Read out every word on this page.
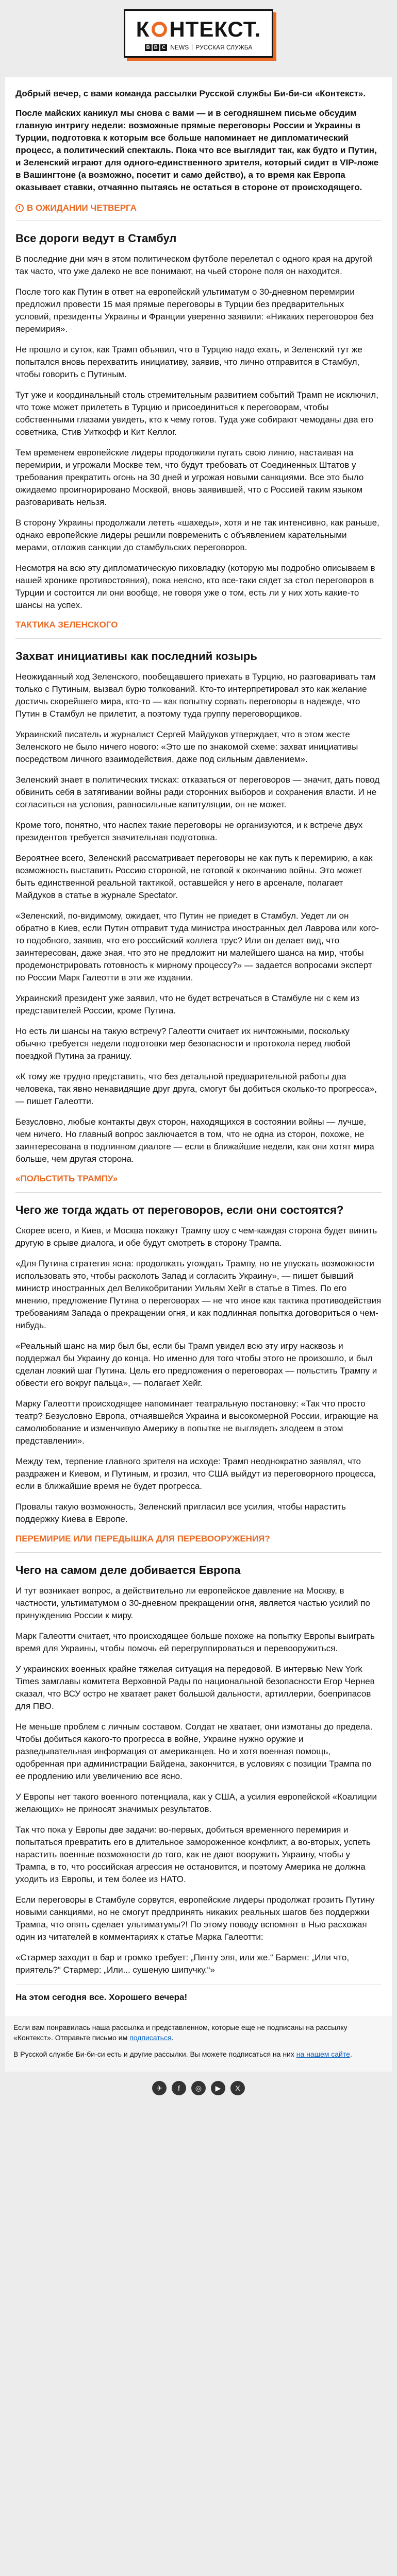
К НТЕКСТ.
B B C NEWS РУССКАЯ СЛУЖБА

Добрый вечер, с вами команда рассылки Русской службы Би-би-си «Контекст».

После майских каникул мы снова с вами — и в сегодняшнем письме обсудим главную интригу недели: возможные прямые переговоры России и Украины в Турции, подготовка к которым все больше напоминает не дипломатический процесс, а политический спектакль. Пока что все выглядит так, как будто и Путин, и Зеленский играют для одного-единственного зрителя, который сидит в VIP-ложе в Вашингтоне (а возможно, посетит и само действо), а то время как Европа оказывает ставки, отчаянно пытаясь не остаться в стороне от происходящего.

В ОЖИДАНИИ ЧЕТВЕРГА
Все дороги ведут в Стамбул

В последние дни мяч в этом политическом футболе перелетал с одного края на другой так часто, что уже далеко не все понимают, на чьей стороне поля он находится.

После того как Путин в ответ на европейский ультиматум о 30-дневном перемирии предложил провести 15 мая прямые переговоры в Турции без предварительных условий, президенты Украины и Франции уверенно заявили: «Никаких переговоров без перемирия».

Не прошло и суток, как Трамп объявил, что в Турцию надо ехать, и Зеленский тут же попытался вновь перехватить инициативу, заявив, что лично отправится в Стамбул, чтобы говорить с Путиным.

Тут уже и координальный столь стремительным развитием событий Трамп не исключил, что тоже может прилететь в Турцию и присоединиться к переговорам, чтобы собственными глазами увидеть, кто к чему готов. Туда уже собирают чемоданы два его советника, Стив Уиткофф и Кит Келлог.

Тем временем европейские лидеры продолжили пугать свою линию, настаивая на перемирии, и угрожали Москве тем, что будут требовать от Соединенных Штатов у требования прекратить огонь на 30 дней и угрожая новыми санкциями. Все это было ожидаемо проигнорировано Москвой, вновь заявившей, что с Россией таким языком разговаривать нельзя.

В сторону Украины продолжали лететь «шахеды», хотя и не так интенсивно, как раньше, однако европейские лидеры решили повременить с объявлением карательными мерами, отложив санкции до стамбульских переговоров.

Несмотря на всю эту дипломатическую пиховладку (которую мы подробно описываем в нашей хронике противостояния), пока неясно, кто все-таки сядет за стол переговоров в Турции и состоится ли они вообще, не говоря уже о том, есть ли у них хоть какие-то шансы на успех.

ТАКТИКА ЗЕЛЕНСКОГО
Захват инициативы как последний козырь

Неожиданный ход Зеленского, пообещавшего приехать в Турцию, но разговаривать там только с Путиным, вызвал бурю толкований. Кто-то интерпретировал это как желание достичь скорейшего мира, кто-то — как попытку сорвать переговоры в надежде, что Путин в Стамбул не прилетит, а поэтому туда группу переговорщиков.

Украинский писатель и журналист Сергей Майдуков утверждает, что в этом жесте Зеленского не было ничего нового: «Это ше по знакомой схеме: захват инициативы посредством личного взаимодействия, даже под сильным давлением».

Зеленский знает в политических тисках: отказаться от переговоров — значит, дать повод обвинить себя в затягивании войны ради сторонних выборов и сохранения власти. И не согласиться на условия, равносильные капитуляции, он не может.

Кроме того, понятно, что наспех такие переговоры не организуются, и к встрече двух президентов требуется значительная подготовка.

Вероятнее всего, Зеленский рассматривает переговоры не как путь к перемирию, а как возможность выставить Россию стороной, не готовой к окончанию войны. Это может быть единственной реальной тактикой, оставшейся у него в арсенале, полагает Майдуков в статье в журнале Spectator.

«Зеленский, по-видимому, ожидает, что Путин не приедет в Стамбул. Уедет ли он обратно в Киев, если Путин отправит туда министра иностранных дел Лаврова или кого-то подобного, заявив, что его российский коллега трус? Или он делает вид, что заинтересован, даже зная, что это не предложит ни малейшего шанса на мир, чтобы продемонстрировать готовность к мирному процессу?» — задается вопросами эксперт по России Марк Галеотти в эти же издании.

Украинский президент уже заявил, что не будет встречаться в Стамбуле ни с кем из представителей России, кроме Путина.

Но есть ли шансы на такую встречу? Галеотти считает их ничтожными, поскольку обычно требуется недели подготовки мер безопасности и протокола перед любой поездкой Путина за границу.

«К тому же трудно представить, что без детальной предварительной работы два человека, так явно ненавидящие друг друга, смогут бы добиться сколько-то прогресса», — пишет Галеотти.

Безусловно, любые контакты двух сторон, находящихся в состоянии войны — лучше, чем ничего. Но главный вопрос заключается в том, что не одна из сторон, похоже, не заинтересована в подлинном диалоге — если в ближайшие недели, как они хотят мира больше, чем другая сторона.

«ПОЛЬСТИТЬ ТРАМПУ»
Чего же тогда ждать от переговоров, если они состоятся?

Скорее всего, и Киев, и Москва покажут Трампу шоу с чем-каждая сторона будет винить другую в срыве диалога, и обе будут смотреть в сторону Трампа.

«Для Путина стратегия ясна: продолжать угождать Трампу, но не упускать возможности использовать это, чтобы расколоть Запад и согласить Украину», — пишет бывший министр иностранных дел Великобритании Уильям Хейг в статье в Times. По его мнению, предложение Путина о переговорах — не что иное как тактика противодействия требованиям Запада о прекращении огня, и как подлинная попытка договориться о чем-нибудь.

«Реальный шанс на мир был бы, если бы Трамп увидел всю эту игру насквозь и поддержал бы Украину до конца. Но именно для того чтобы этого не произошло, и был сделан ловкий шаг Путина. Цель его предложения о переговорах — польстить Трампу и обвести его вокруг пальца», — полагает Хейг.

Марку Галеотти происходящее напоминает театральную постановку: «Так что просто театр? Безусловно Европа, отчаявшейся Украина и высокомерной России, играющие на самолюбование и изменчивую Америку в попытке не выглядеть злодеем в этом представлении».

Между тем, терпение главного зрителя на исходе: Трамп неоднократно заявлял, что раздражен и Киевом, и Путиным, и грозил, что США выйдут из переговорного процесса, если в ближайшие время не будет прогресса.

Провалы такую возможность, Зеленский пригласил все усилия, чтобы нарастить поддержку Киева в Европе.

ПЕРЕМИРИЕ ИЛИ ПЕРЕДЫШКА ДЛЯ ПЕРЕВООРУЖЕНИЯ?
Чего на самом деле добивается Европа

И тут возникает вопрос, а действительно ли европейское давление на Москву, в частности, ультиматумом о 30-дневном прекращении огня, является частью усилий по принуждению России к миру.

Марк Галеотти считает, что происходящее больше похоже на попытку Европы выиграть время для Украины, чтобы помочь ей перегруппироваться и перевооружиться.

У украинских военных крайне тяжелая ситуация на передовой. В интервью New York Times замглавы комитета Верховной Рады по национальной безопасности Егор Чернев сказал, что ВСУ остро не хватает ракет большой дальности, артиллерии, боеприпасов для ПВО.

Не меньше проблем с личным составом. Солдат не хватает, они измотаны до предела. Чтобы добиться какого-то прогресса в войне, Украине нужно оружие и разведывательная информация от американцев. Но и хотя военная помощь, одобренная при администрации Байдена, закончится, в условиях с позиции Трампа по ее продлению или увеличению все ясно.

У Европы нет такого военного потенциала, как у США, а усилия европейской «Коалиции желающих» не приносят значимых результатов.

Так что пока у Европы две задачи: во-первых, добиться временного перемирия и попытаться превратить его в длительное замороженное конфликт, а во-вторых, успеть нарастить военные возможности до того, как не дают вооружить Украину, чтобы у Трампа, в то, что российская агрессия не остановится, и поэтому Америка не должна уходить из Европы, и тем более из НАТО.

Если переговоры в Стамбуле сорвутся, европейские лидеры продолжат грозить Путину новыми санкциями, но не смогут предпринять никаких реальных шагов без поддержки Трампа, что опять сделает ультиматумы?! По этому поводу вспомнят в Нью расхожая один из читателей в комментариях к статье Марка Галеотти:

«Стармер заходит в бар и громко требует: „Пинту эля, или же.“ Бармен: „Или что, приятель?“ Стармер: „Или... сушеную шипучку.“»

На этом сегодня все. Хорошего вечера!

Если вам понравилась наша рассылка и представленном, которые еще не подписаны на рассылку «Контекст». Отправьте письмо им подписаться.

В Русской службе Би-би-си есть и другие рассылки. Вы можете подписаться на них на нашем сайте.

✈	f	◎	▶	X
